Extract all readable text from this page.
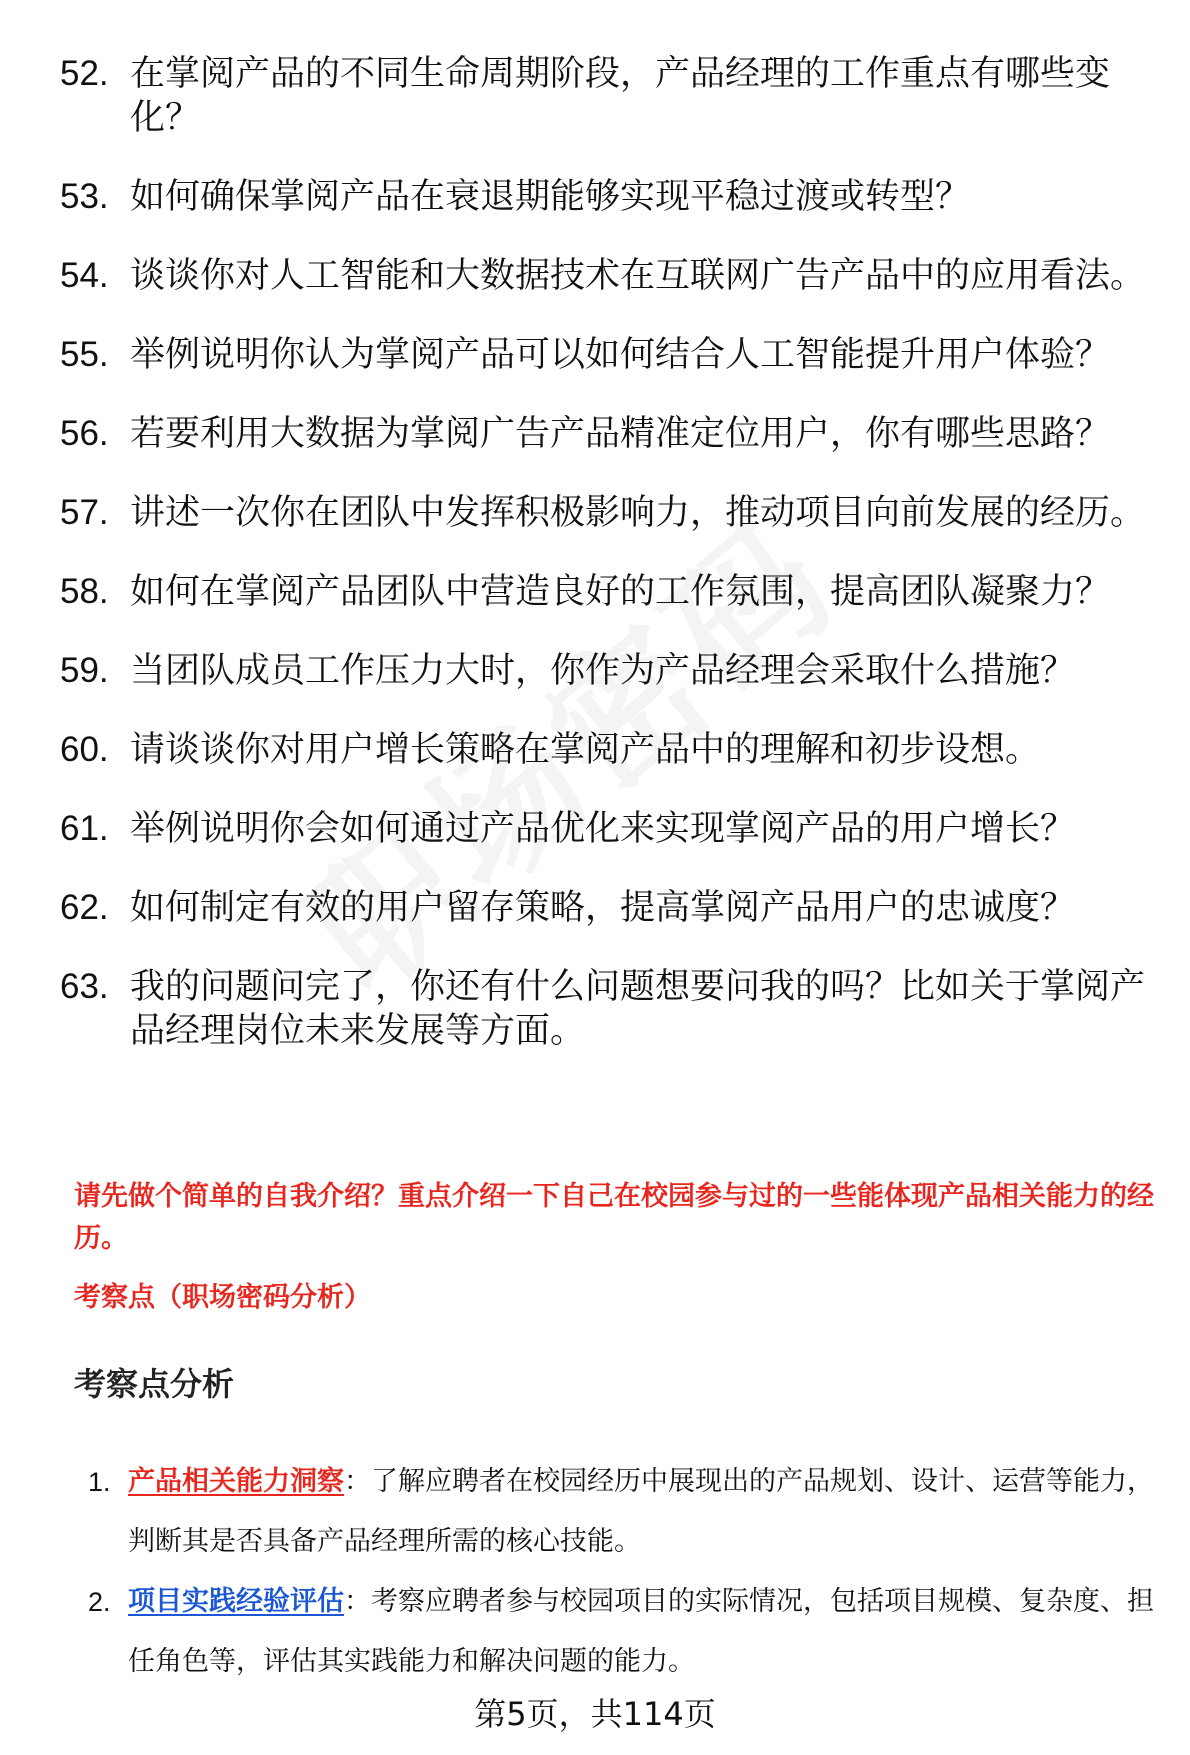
52. 在掌阅产品的不同生命周期阶段，产品经理的工作重点有哪些变化？
53. 如何确保掌阅产品在衰退期能够实现平稳过渡或转型？
54. 谈谈你对人工智能和大数据技术在互联网广告产品中的应用看法。
55. 举例说明你认为掌阅产品可以如何结合人工智能提升用户体验？
56. 若要利用大数据为掌阅广告产品精准定位用户，你有哪些思路？
57. 讲述一次你在团队中发挥积极影响力，推动项目向前发展的经历。
58. 如何在掌阅产品团队中营造良好的工作氛围，提高团队凝聚力？
59. 当团队成员工作压力大时，你作为产品经理会采取什么措施？
60. 请谈谈你对用户增长策略在掌阅产品中的理解和初步设想。
61. 举例说明你会如何通过产品优化来实现掌阅产品的用户增长？
62. 如何制定有效的用户留存策略，提高掌阅产品用户的忠诚度？
63. 我的问题问完了，你还有什么问题想要问我的吗？比如关于掌阅产品经理岗位未来发展等方面。
请先做个简单的自我介绍？重点介绍一下自己在校园参与过的一些能体现产品相关能力的经历。
考察点（职场密码分析）
考察点分析
1. 产品相关能力洞察：了解应聘者在校园经历中展现出的产品规划、设计、运营等能力，判断其是否具备产品经理所需的核心技能。
2. 项目实践经验评估：考察应聘者参与校园项目的实际情况，包括项目规模、复杂度、担任角色等，评估其实践能力和解决问题的能力。
第5页，共114页
